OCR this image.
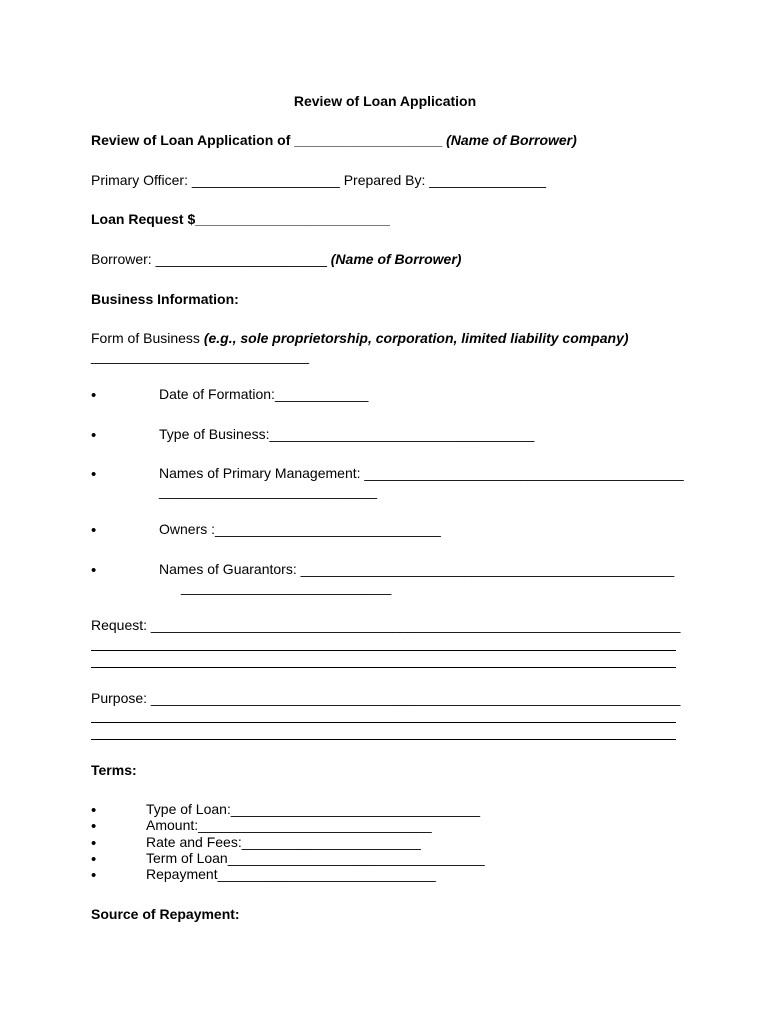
Review of Loan Application
Review of Loan Application of ___________________ (Name of Borrower)
Primary Officer: ___________________ Prepared By: _______________
Loan Request $_________________________
Borrower: ______________________ (Name of Borrower)
Business Information:
Form of Business (e.g., sole proprietorship, corporation, limited liability company)
____________________________
•	Date of Formation:____________
•	Type of Business:__________________________________
•	Names of Primary Management: _________________________________________
____________________________
•	Owners :_____________________________
•	Names of Guarantors: ________________________________________________
___________________________
Request: ____________________________________________________________________
Purpose: ____________________________________________________________________
Terms:
•	Type of Loan:________________________________
•	Amount:______________________________
•	Rate and Fees:_______________________
•	Term of Loan_________________________________
•	Repayment____________________________
Source of Repayment:
